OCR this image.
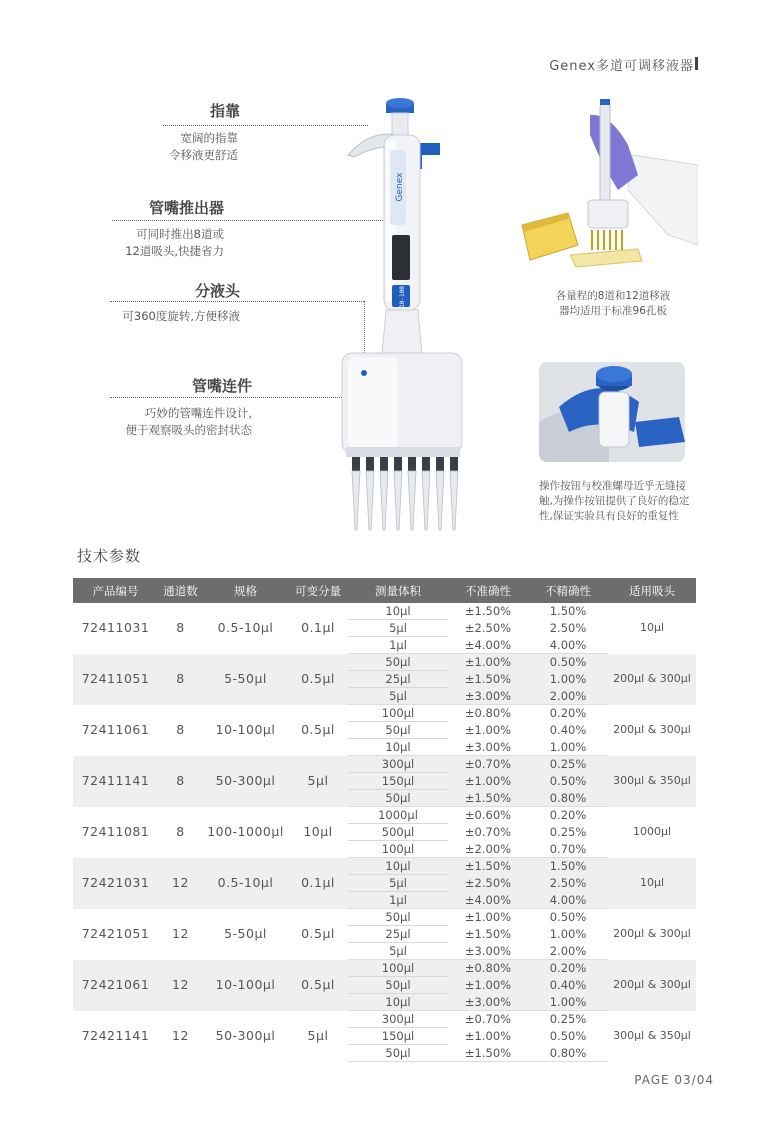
Genex多道可调移液器
指靠
宽阔的指靠
令移液更舒适
管嘴推出器
可同时推出8道或
12道吸头,快捷省力
分液头
可360度旋转,方便移液
管嘴连件
巧妙的管嘴连件设计,
便于观察吸头的密封状态
Genex
10-100	各量程的8道和12道移液
器均适用于标准96孔板
操作按钮与校准螺母近乎无缝接
触,为操作按钮提供了良好的稳定
性,保证实验具有良好的重复性
技术参数
产品编号	通道数	规格	可变分量	测量体积	不准确性	不精确性	适用吸头
72411031	8	0.5-10μl	0.1μl	10μl	±1.50%	1.50%	10μl
				5μl	±2.50%	2.50%	
				1μl	±4.00%	4.00%	
72411051	8	5-50μl	0.5μl	50μl	±1.00%	0.50%	200μl & 300μl
				25μl	±1.50%	1.00%	
				5μl	±3.00%	2.00%	
72411061	8	10-100μl	0.5μl	100μl	±0.80%	0.20%	200μl & 300μl
				50μl	±1.00%	0.40%	
				10μl	±3.00%	1.00%	
72411141	8	50-300μl	5μl	300μl	±0.70%	0.25%	300μl & 350μl
				150μl	±1.00%	0.50%	
				50μl	±1.50%	0.80%	
72411081	8	100-1000μl	10μl	1000μl	±0.60%	0.20%	1000μl
				500μl	±0.70%	0.25%	
				100μl	±2.00%	0.70%	
72421031	12	0.5-10μl	0.1μl	10μl	±1.50%	1.50%	10μl
				5μl	±2.50%	2.50%	
				1μl	±4.00%	4.00%	
72421051	12	5-50μl	0.5μl	50μl	±1.00%	0.50%	200μl & 300μl
				25μl	±1.50%	1.00%	
				5μl	±3.00%	2.00%	
72421061	12	10-100μl	0.5μl	100μl	±0.80%	0.20%	200μl & 300μl
				50μl	±1.00%	0.40%	
				10μl	±3.00%	1.00%	
72421141	12	50-300μl	5μl	300μl	±0.70%	0.25%	300μl & 350μl
				150μl	±1.00%	0.50%	
				50μl	±1.50%	0.80%	
PAGE 03/04
